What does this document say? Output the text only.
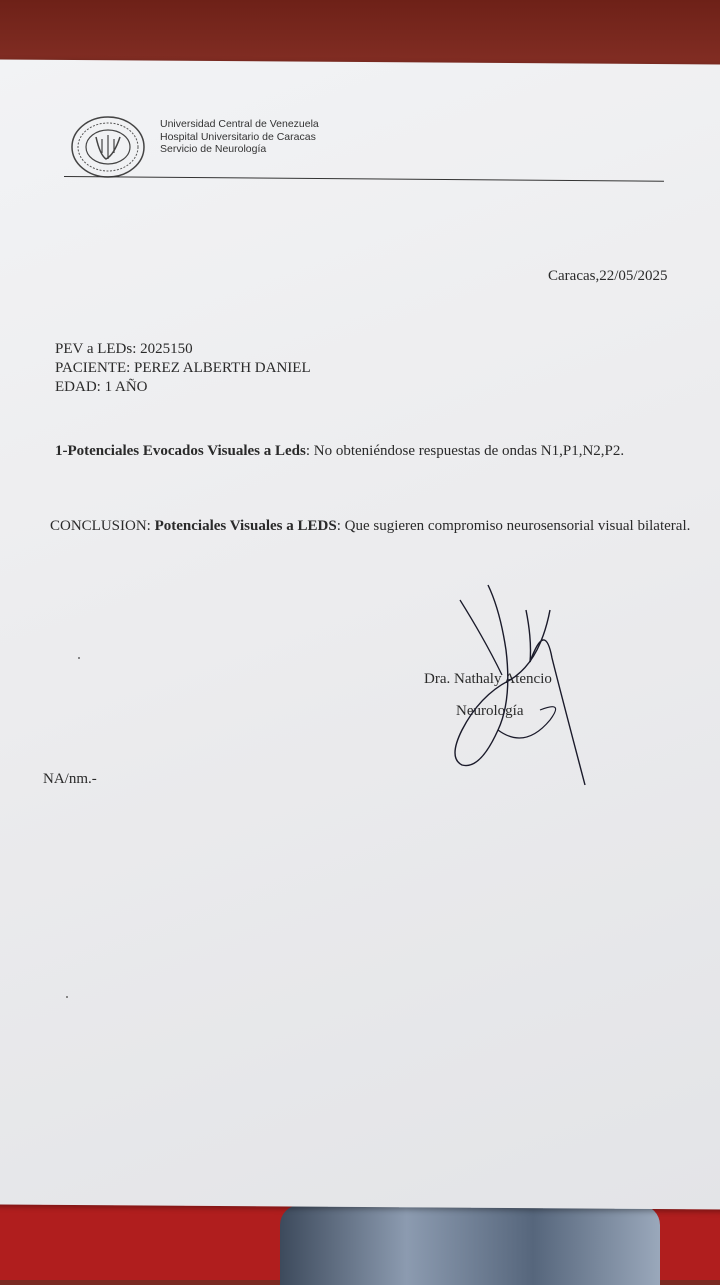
Universidad Central de Venezuela
Hospital Universitario de Caracas
Servicio de Neurología
Caracas,22/05/2025
PEV a LEDs: 2025150
PACIENTE: PEREZ ALBERTH DANIEL
EDAD: 1 AÑO
1-Potenciales Evocados Visuales a Leds: No obteniéndose respuestas de ondas N1,P1,N2,P2.
CONCLUSION: Potenciales Visuales a LEDS: Que sugieren compromiso neurosensorial visual bilateral.
Dra. Nathaly Atencio
Neurología
NA/nm.-
